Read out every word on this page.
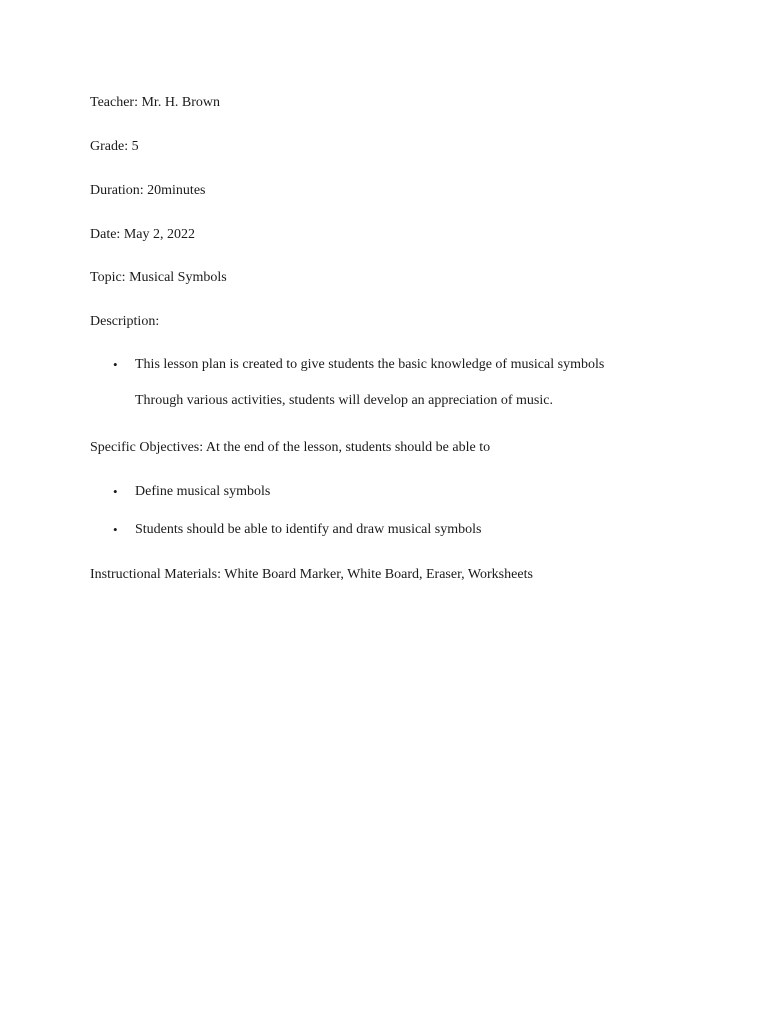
Teacher: Mr. H. Brown
Grade: 5
Duration: 20minutes
Date: May 2, 2022
Topic: Musical Symbols
Description:
• This lesson plan is created to give students the basic knowledge of musical symbols
Through various activities, students will develop an appreciation of music.
Specific Objectives: At the end of the lesson, students should be able to
• Define musical symbols
• Students should be able to identify and draw musical symbols
Instructional Materials: White Board Marker, White Board, Eraser, Worksheets
